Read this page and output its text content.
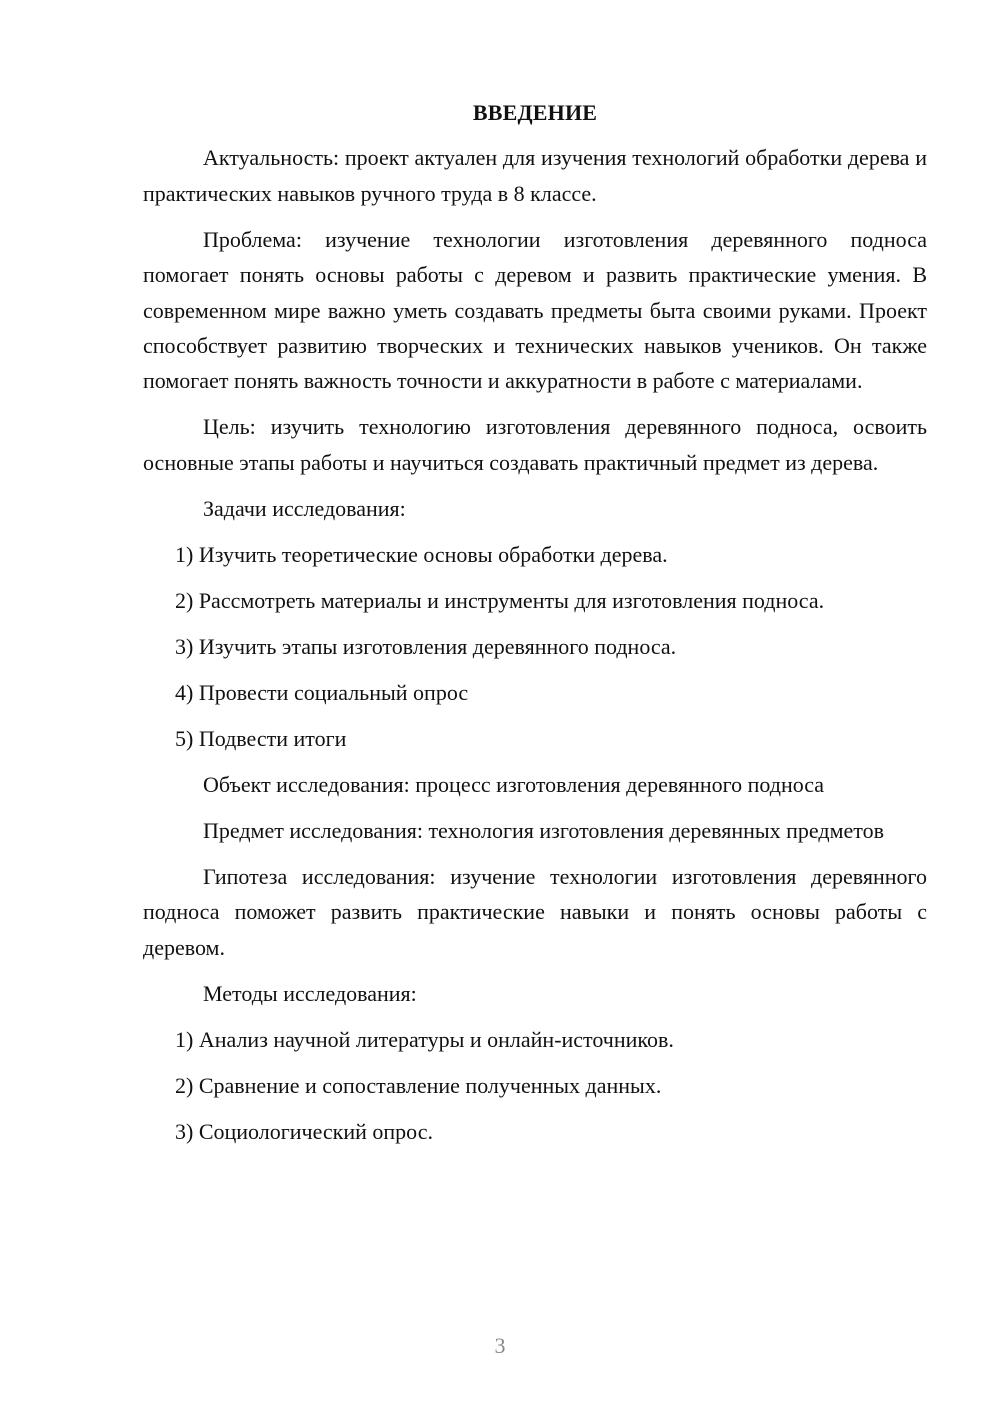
ВВЕДЕНИЕ

Актуальность: проект актуален для изучения технологий обработки дерева и практических навыков ручного труда в 8 классе.

Проблема: изучение технологии изготовления деревянного подноса помогает понять основы работы с деревом и развить практические умения. В современном мире важно уметь создавать предметы быта своими руками. Проект способствует развитию творческих и технических навыков учеников. Он также помогает понять важность точности и аккуратности в работе с материалами.

Цель: изучить технологию изготовления деревянного подноса, освоить основные этапы работы и научиться создавать практичный предмет из дерева.

Задачи исследования:

1) Изучить теоретические основы обработки дерева.
2) Рассмотреть материалы и инструменты для изготовления подноса.
3) Изучить этапы изготовления деревянного подноса.
4) Провести социальный опрос
5) Подвести итоги

Объект исследования: процесс изготовления деревянного подноса

Предмет исследования: технология изготовления деревянных предметов

Гипотеза исследования: изучение технологии изготовления деревянного подноса поможет развить практические навыки и понять основы работы с деревом.

Методы исследования:

1) Анализ научной литературы и онлайн-источников.
2) Сравнение и сопоставление полученных данных.
3) Социологический опрос.
3
